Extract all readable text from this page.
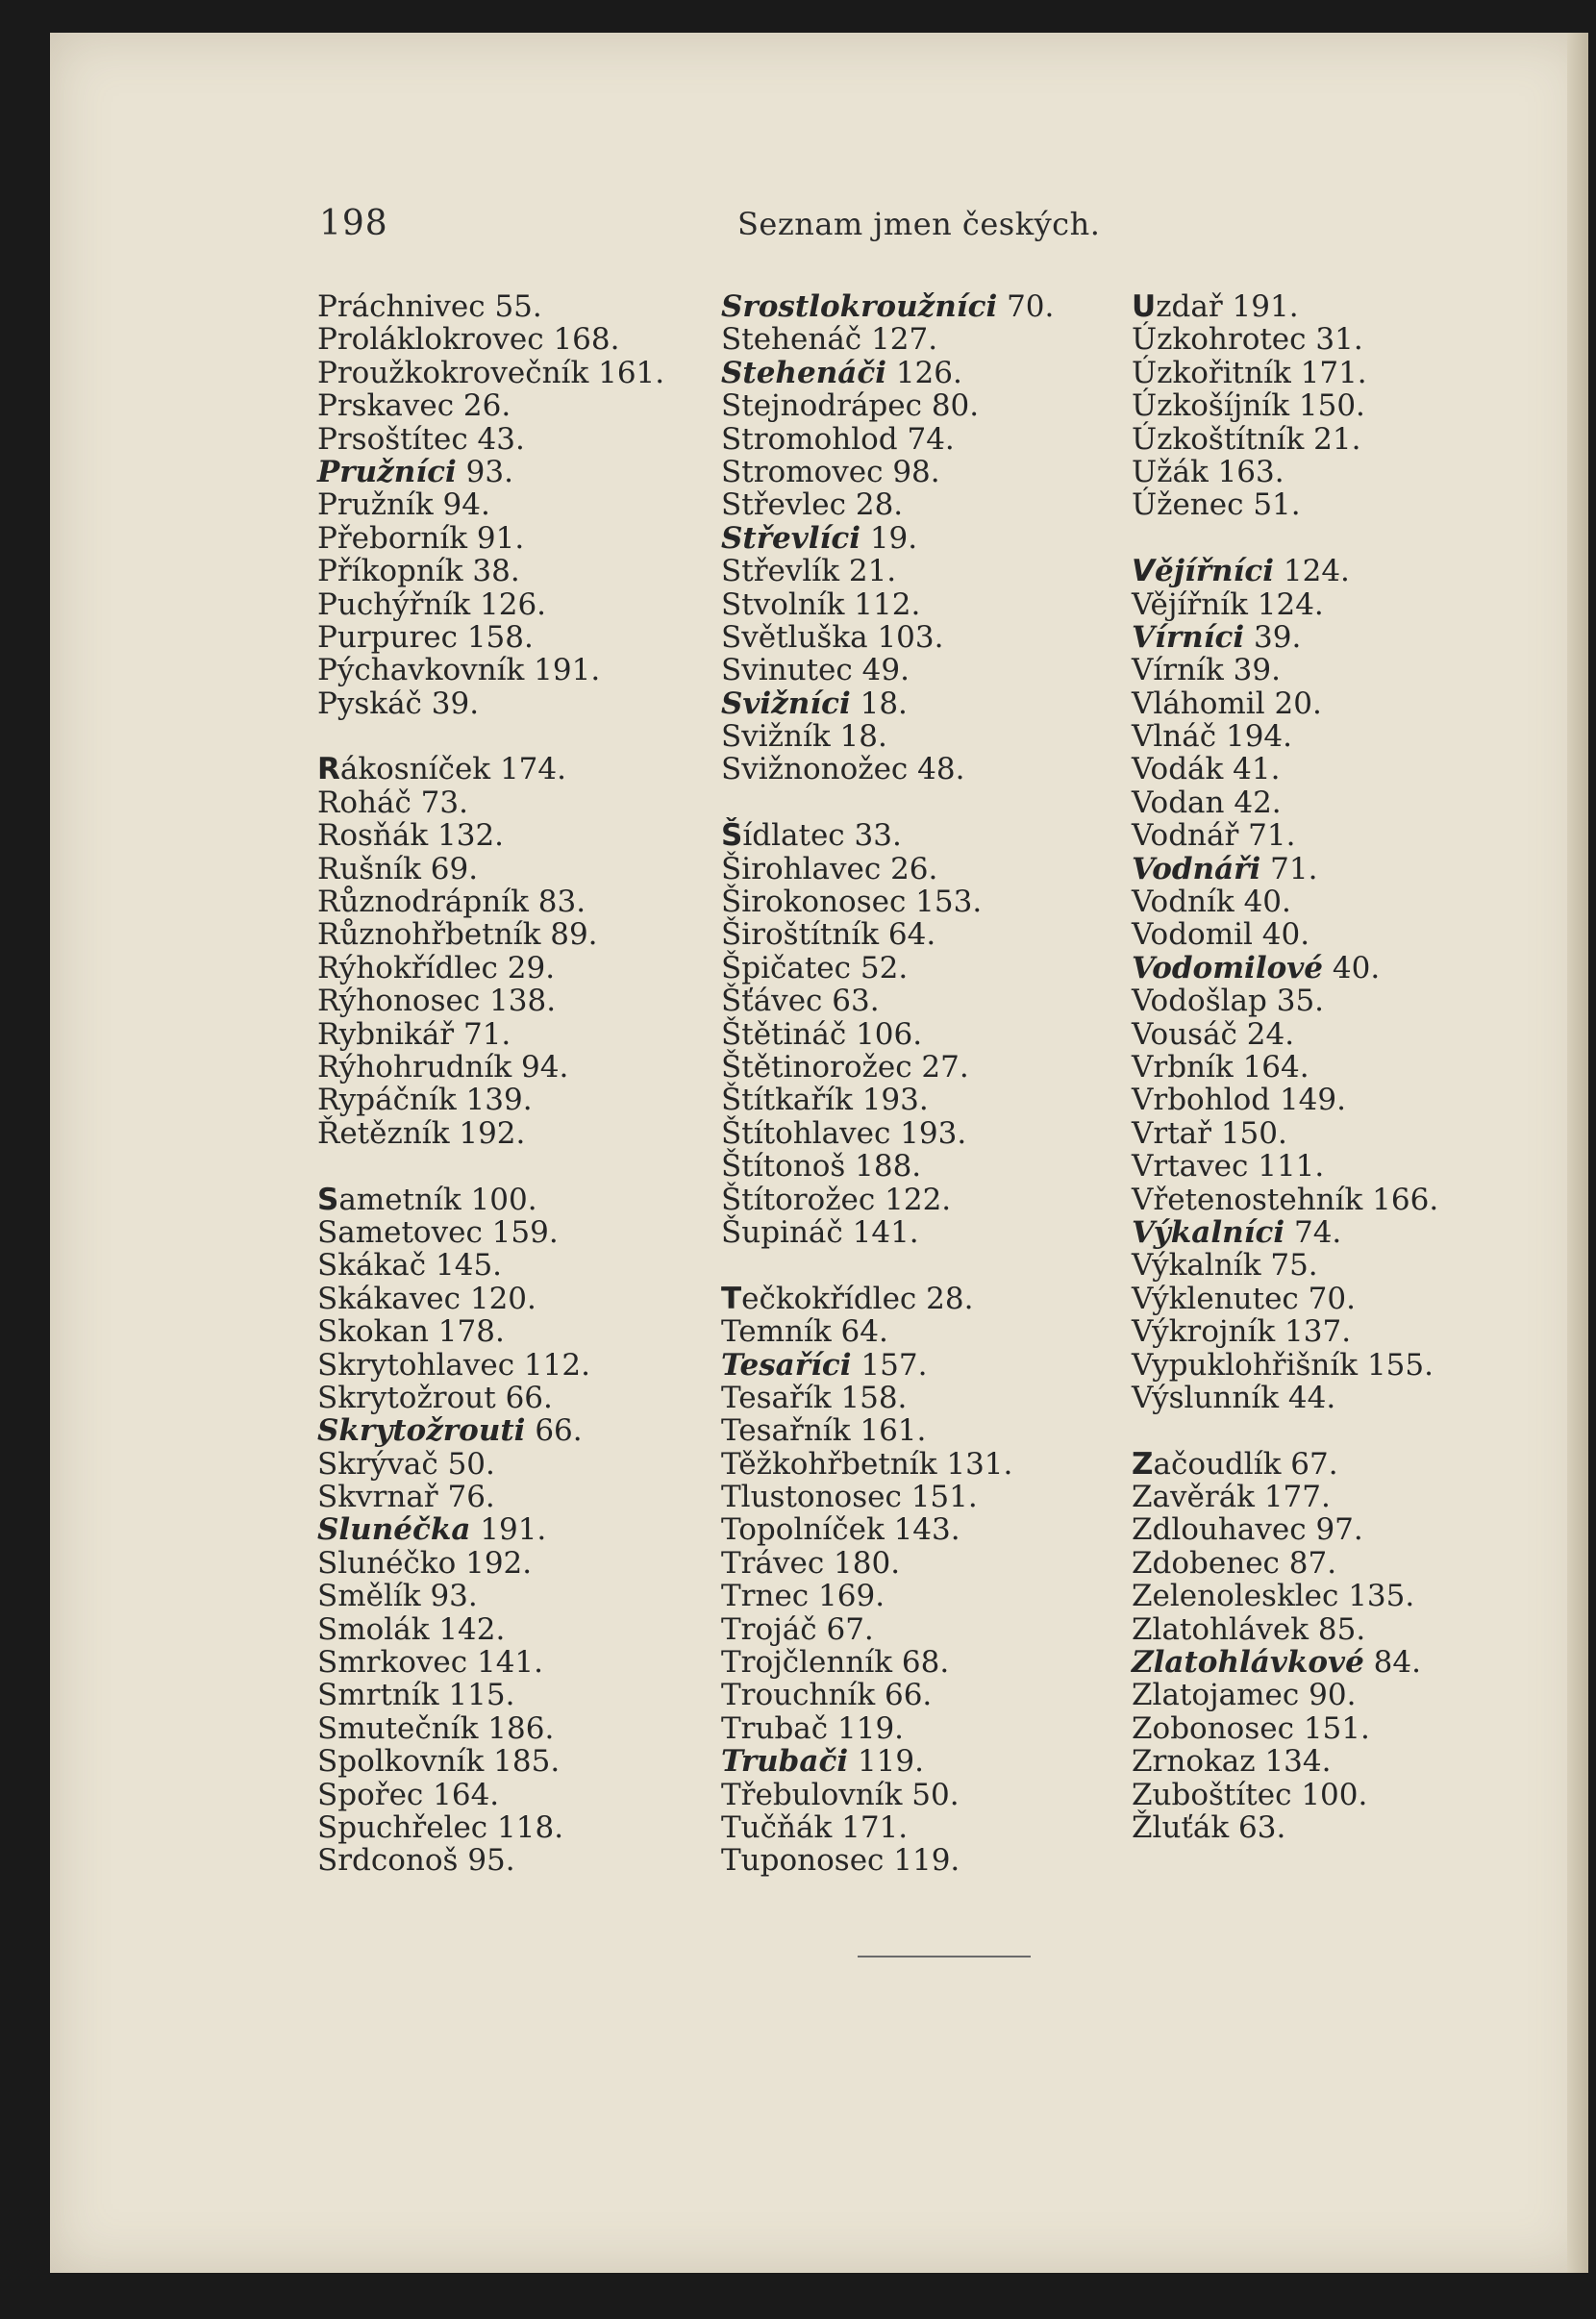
198	Seznam jmen českých.
Práchnivec 55.
Proláklokrovec 168.
Proužkokrovečník 161.
Prskavec 26.
Prsoštítec 43.
Pružníci 93.
Pružník 94.
Přeborník 91.
Příkopník 38.
Puchýřník 126.
Purpurec 158.
Pýchavkovník 191.
Pyskáč 39.
Rákosníček 174.
Roháč 73.
Rosňák 132.
Rušník 69.
Různodrápník 83.
Různohřbetník 89.
Rýhokřídlec 29.
Rýhonosec 138.
Rybnikář 71.
Rýhohrudník 94.
Rypáčník 139.
Řetězník 192.
Sametník 100.
Sametovec 159.
Skákač 145.
Skákavec 120.
Skokan 178.
Skrytohlavec 112.
Skrytožrout 66.
Skrytožrouti 66.
Skrývač 50.
Skvrnař 76.
Slunéčka 191.
Slunéčko 192.
Smělík 93.
Smolák 142.
Smrkovec 141.
Smrtník 115.
Smutečník 186.
Spolkovník 185.
Spořec 164.
Spuchřelec 118.
Srdconoš 95.
Srostlokroužníci 70.
Stehenáč 127.
Stehenáči 126.
Stejnodrápec 80.
Stromohlod 74.
Stromovec 98.
Střevlec 28.
Střevlíci 19.
Střevlík 21.
Stvolník 112.
Světluška 103.
Svinutec 49.
Svižníci 18.
Svižník 18.
Svižnonožec 48.
Šídlatec 33.
Širohlavec 26.
Širokonosec 153.
Široštítník 64.
Špičatec 52.
Šťávec 63.
Štětináč 106.
Štětinorožec 27.
Štítkařík 193.
Štítohlavec 193.
Štítonoš 188.
Štítorožec 122.
Šupináč 141.
Tečkokřídlec 28.
Temník 64.
Tesaříci 157.
Tesařík 158.
Tesařník 161.
Těžkohřbetník 131.
Tlustonosec 151.
Topolníček 143.
Trávec 180.
Trnec 169.
Trojáč 67.
Trojčlenník 68.
Trouchník 66.
Trubač 119.
Trubači 119.
Třebulovník 50.
Tučňák 171.
Tuponosec 119.
Uzdař 191.
Úzkohrotec 31.
Úzkořitník 171.
Úzkošíjník 150.
Úzkoštítník 21.
Užák 163.
Úženec 51.
Vějířníci 124.
Vějířník 124.
Vírníci 39.
Vírník 39.
Vláhomil 20.
Vlnáč 194.
Vodák 41.
Vodan 42.
Vodnář 71.
Vodnáři 71.
Vodník 40.
Vodomil 40.
Vodomilové 40.
Vodošlap 35.
Vousáč 24.
Vrbník 164.
Vrbohlod 149.
Vrtař 150.
Vrtavec 111.
Vřetenostehník 166.
Výkalníci 74.
Výkalník 75.
Výklenutec 70.
Výkrojník 137.
Vypuklohřišník 155.
Výslunník 44.
Začoudlík 67.
Zavěrák 177.
Zdlouhavec 97.
Zdobenec 87.
Zelenolesklec 135.
Zlatohlávek 85.
Zlatohlávkové 84.
Zlatojamec 90.
Zobonosec 151.
Zrnokaz 134.
Zuboštítec 100.
Žluťák 63.
